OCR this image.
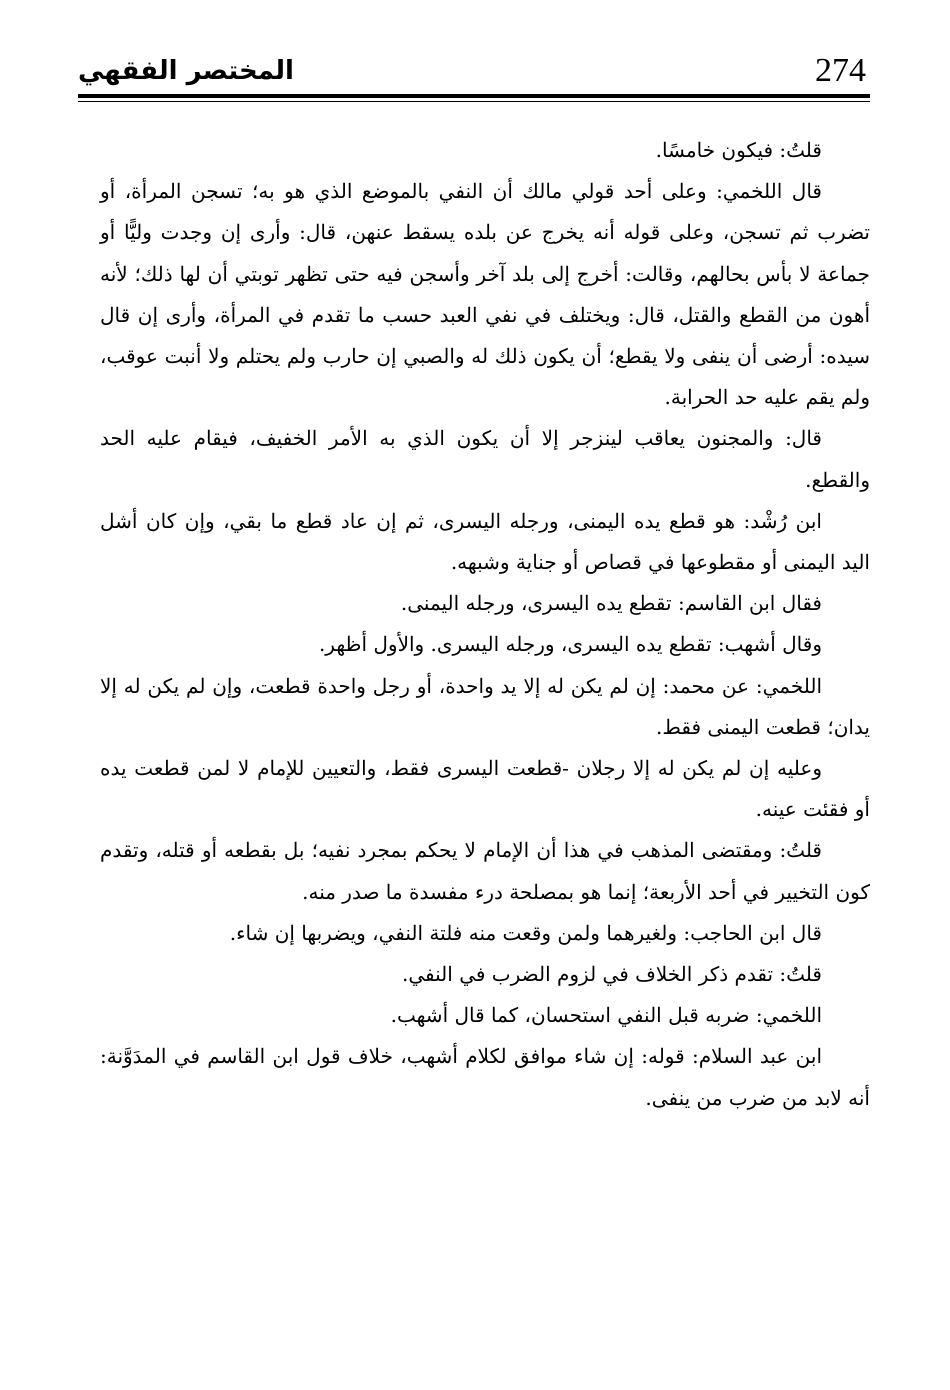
274
المختصر الفقهي

قلتُ: فيكون خامسًا.

قال اللخمي: وعلى أحد قولي مالك أن النفي بالموضع الذي هو به؛ تسجن المرأة، أو تضرب ثم تسجن، وعلى قوله أنه يخرج عن بلده يسقط عنهن، قال: وأرى إن وجدت وليًّا أو جماعة لا بأس بحالهم، وقالت: أخرج إلى بلد آخر وأسجن فيه حتى تظهر توبتي أن لها ذلك؛ لأنه أهون من القطع والقتل، قال: ويختلف في نفي العبد حسب ما تقدم في المرأة، وأرى إن قال سيده: أرضى أن ينفى ولا يقطع؛ أن يكون ذلك له والصبي إن حارب ولم يحتلم ولا أنبت عوقب، ولم يقم عليه حد الحرابة.

قال: والمجنون يعاقب لينزجر إلا أن يكون الذي به الأمر الخفيف، فيقام عليه الحد والقطع.

ابن رُشْد: هو قطع يده اليمنى، ورجله اليسرى، ثم إن عاد قطع ما بقي، وإن كان أشل اليد اليمنى أو مقطوعها في قصاص أو جناية وشبهه.

فقال ابن القاسم: تقطع يده اليسرى، ورجله اليمنى.

وقال أشهب: تقطع يده اليسرى، ورجله اليسرى. والأول أظهر.

اللخمي: عن محمد: إن لم يكن له إلا يد واحدة، أو رجل واحدة قطعت، وإن لم يكن له إلا يدان؛ قطعت اليمنى فقط.

وعليه إن لم يكن له إلا رجلان -قطعت اليسرى فقط، والتعيين للإمام لا لمن قطعت يده أو فقئت عينه.

قلتُ: ومقتضى المذهب في هذا أن الإمام لا يحكم بمجرد نفيه؛ بل بقطعه أو قتله، وتقدم كون التخيير في أحد الأربعة؛ إنما هو بمصلحة درء مفسدة ما صدر منه.

قال ابن الحاجب: ولغيرهما ولمن وقعت منه فلتة النفي، ويضربها إن شاء.

قلتُ: تقدم ذكر الخلاف في لزوم الضرب في النفي.

اللخمي: ضربه قبل النفي استحسان، كما قال أشهب.

ابن عبد السلام: قوله: إن شاء موافق لكلام أشهب، خلاف قول ابن القاسم في المدَوَّنة: أنه لابد من ضرب من ينفى.
